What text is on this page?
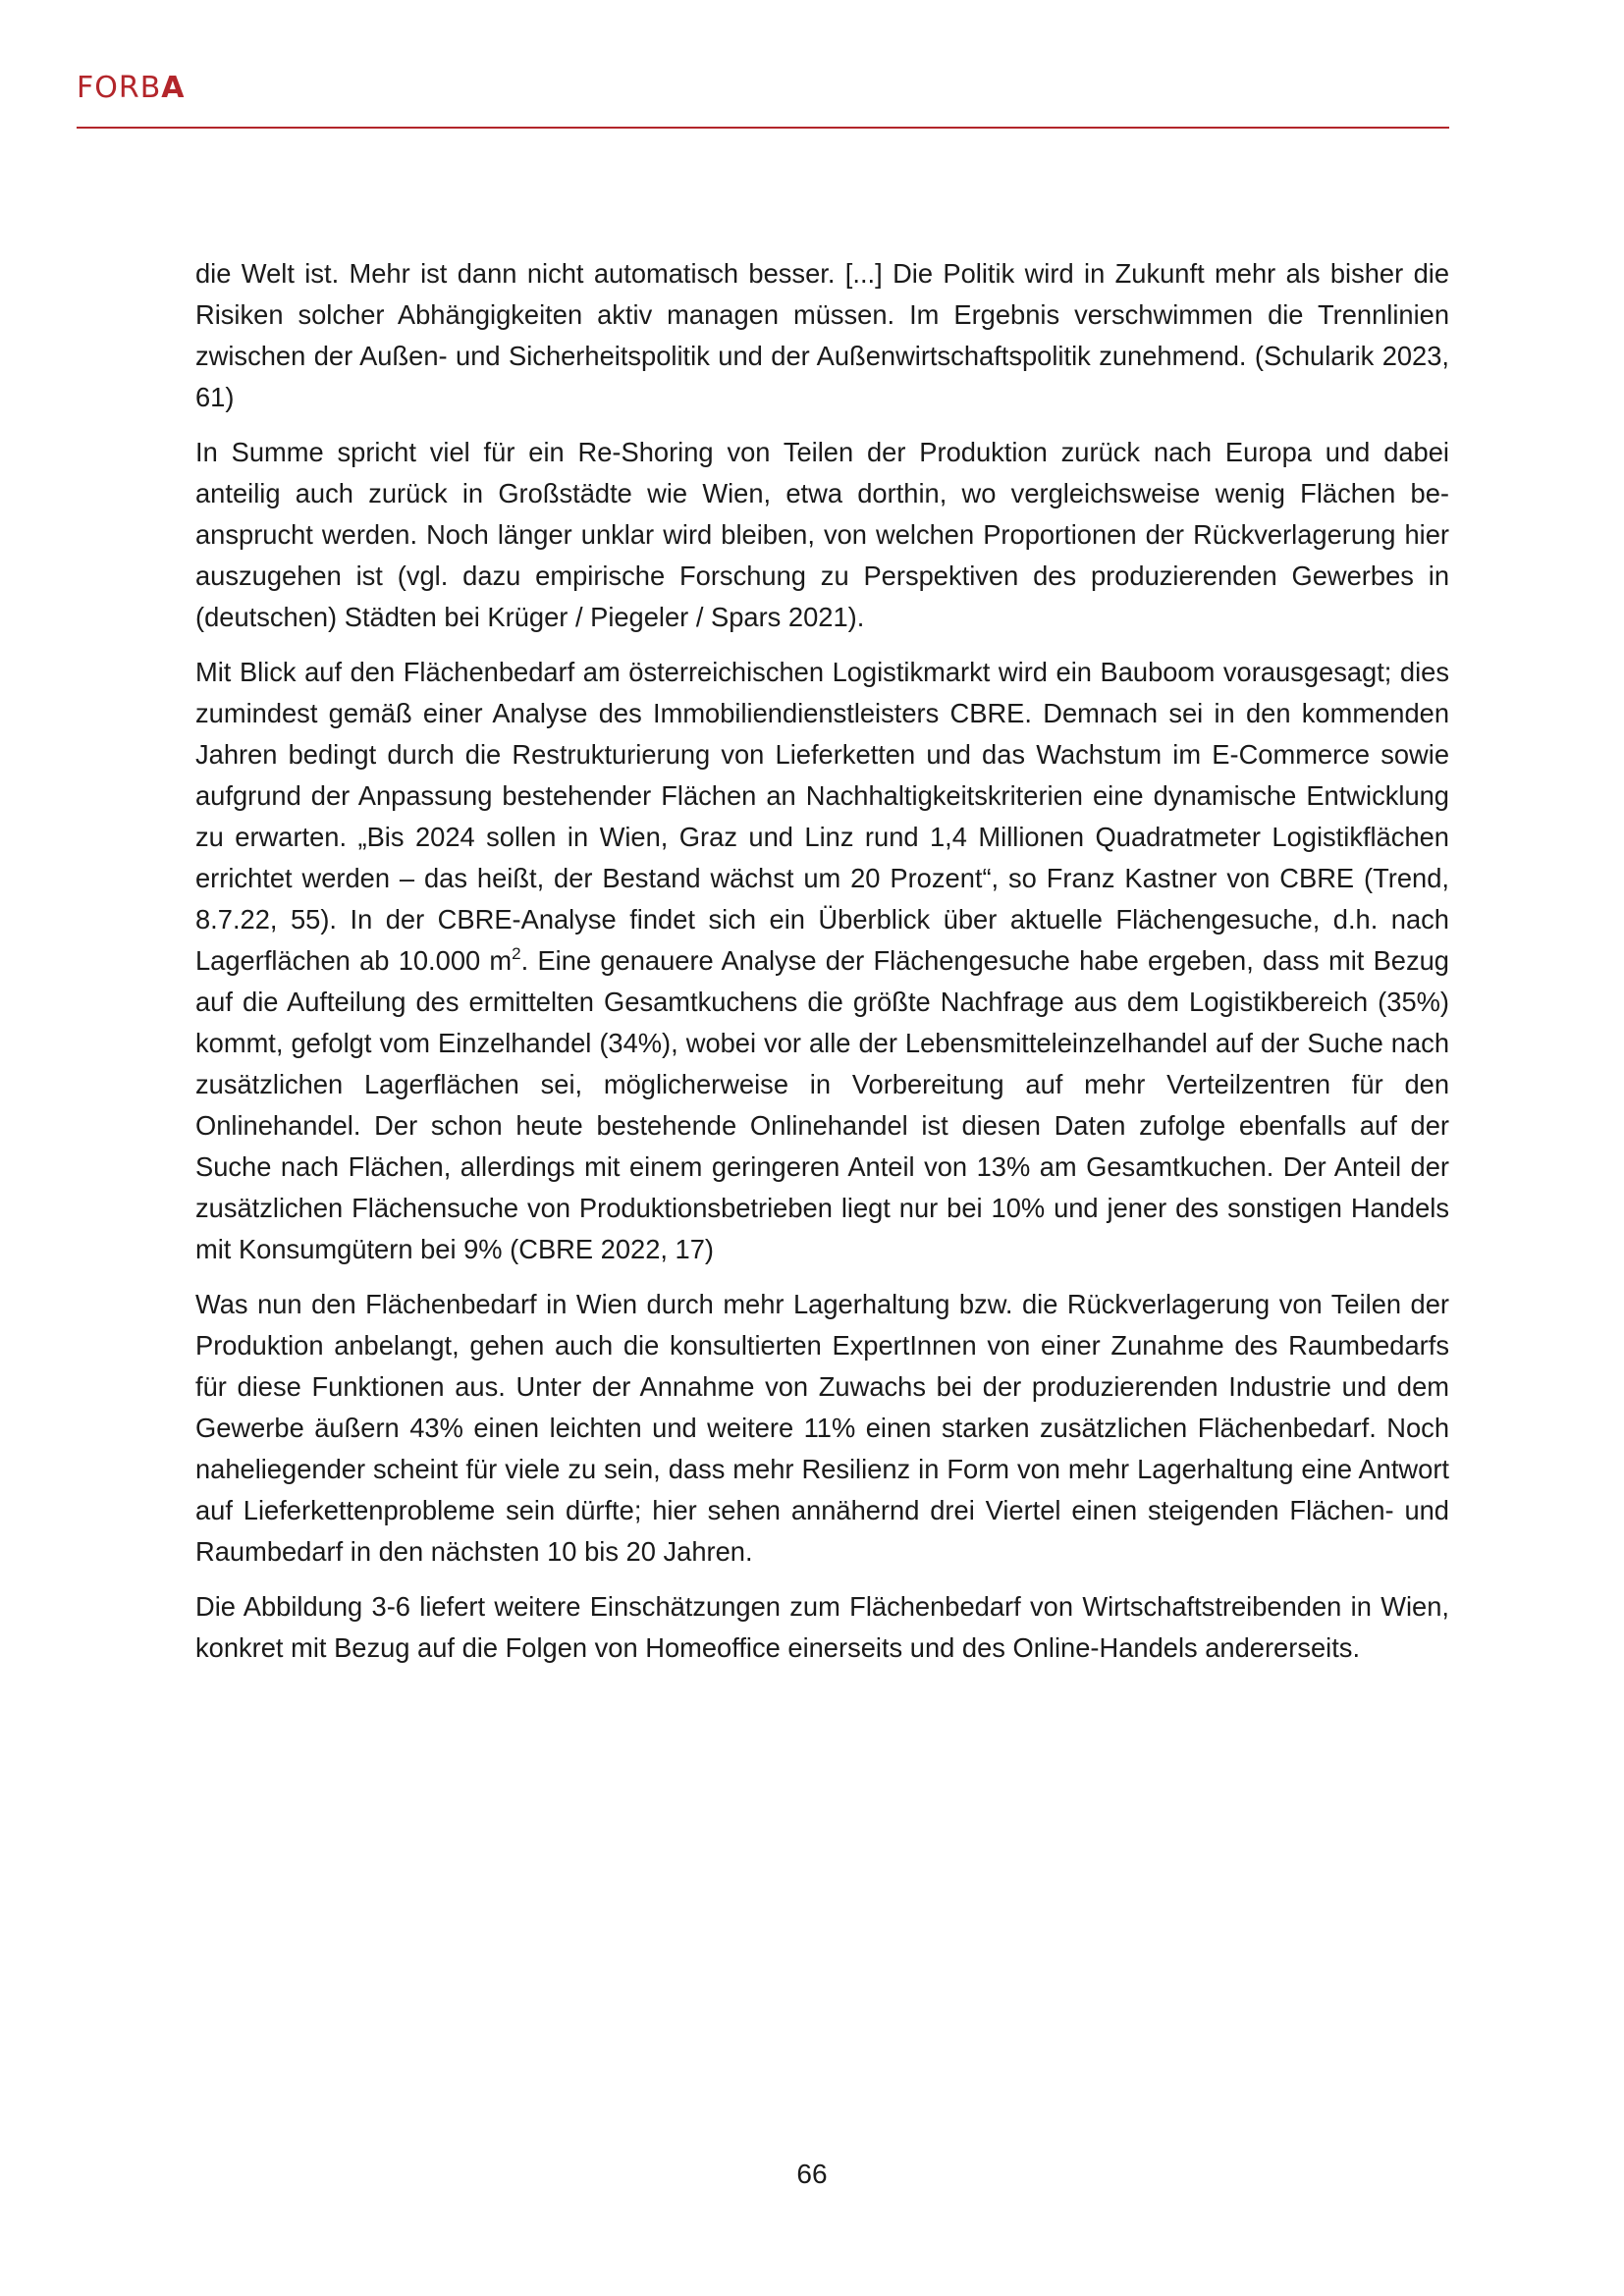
FORBA

die Welt ist. Mehr ist dann nicht automatisch besser. [...] Die Politik wird in Zukunft mehr als bisher die Risiken solcher Abhängigkeiten aktiv managen müssen. Im Ergebnis verschwimmen die Trennlinien zwischen der Außen- und Sicherheitspolitik und der Außenwirtschaftspolitik zunehmend. (Schularik 2023, 61)

In Summe spricht viel für ein Re-Shoring von Teilen der Produktion zurück nach Europa und dabei anteilig auch zurück in Großstädte wie Wien, etwa dorthin, wo vergleichsweise wenig Flächen beansprucht werden. Noch länger unklar wird bleiben, von welchen Proportionen der Rückverlagerung hier auszugehen ist (vgl. dazu empirische Forschung zu Perspektiven des produzierenden Gewerbes in (deutschen) Städten bei Krüger / Piegeler / Spars 2021).

Mit Blick auf den Flächenbedarf am österreichischen Logistikmarkt wird ein Bauboom vorausgesagt; dies zumindest gemäß einer Analyse des Immobiliendienstleisters CBRE. Demnach sei in den kommenden Jahren bedingt durch die Restrukturierung von Lieferketten und das Wachstum im E-Commerce sowie aufgrund der Anpassung bestehender Flächen an Nachhaltigkeitskriterien eine dynamische Entwicklung zu erwarten. „Bis 2024 sollen in Wien, Graz und Linz rund 1,4 Millionen Quadratmeter Logistikflächen errichtet werden – das heißt, der Bestand wächst um 20 Prozent“, so Franz Kastner von CBRE (Trend, 8.7.22, 55). In der CBRE-Analyse findet sich ein Überblick über aktuelle Flächengesuche, d.h. nach Lagerflächen ab 10.000 $m^2$. Eine genauere Analyse der Flächengesuche habe ergeben, dass mit Bezug auf die Aufteilung des ermittelten Gesamtkuchens die größte Nachfrage aus dem Logistikbereich (35%) kommt, gefolgt vom Einzelhandel (34%), wobei vor alle der Lebensmitteleinzelhandel auf der Suche nach zusätzlichen Lagerflächen sei, möglicherweise in Vorbereitung auf mehr Verteilzentren für den Onlinehandel. Der schon heute bestehende Onlinehandel ist diesen Daten zufolge ebenfalls auf der Suche nach Flächen, allerdings mit einem geringeren Anteil von 13% am Gesamtkuchen. Der Anteil der zusätzlichen Flächensuche von Produktionsbetrieben liegt nur bei 10% und jener des sonstigen Handels mit Konsumgütern bei 9% (CBRE 2022, 17)

Was nun den Flächenbedarf in Wien durch mehr Lagerhaltung bzw. die Rückverlagerung von Teilen der Produktion anbelangt, gehen auch die konsultierten ExpertInnen von einer Zunahme des Raumbedarfs für diese Funktionen aus. Unter der Annahme von Zuwachs bei der produzierenden Industrie und dem Gewerbe äußern 43% einen leichten und weitere 11% einen starken zusätzlichen Flächenbedarf. Noch naheliegender scheint für viele zu sein, dass mehr Resilienz in Form von mehr Lagerhaltung eine Antwort auf Lieferkettenprobleme sein dürfte; hier sehen annähernd drei Viertel einen steigenden Flächen- und Raumbedarf in den nächsten 10 bis 20 Jahren.

Die Abbildung 3-6 liefert weitere Einschätzungen zum Flächenbedarf von Wirtschaftstreibenden in Wien, konkret mit Bezug auf die Folgen von Homeoffice einerseits und des Online-Handels andererseits.

66
